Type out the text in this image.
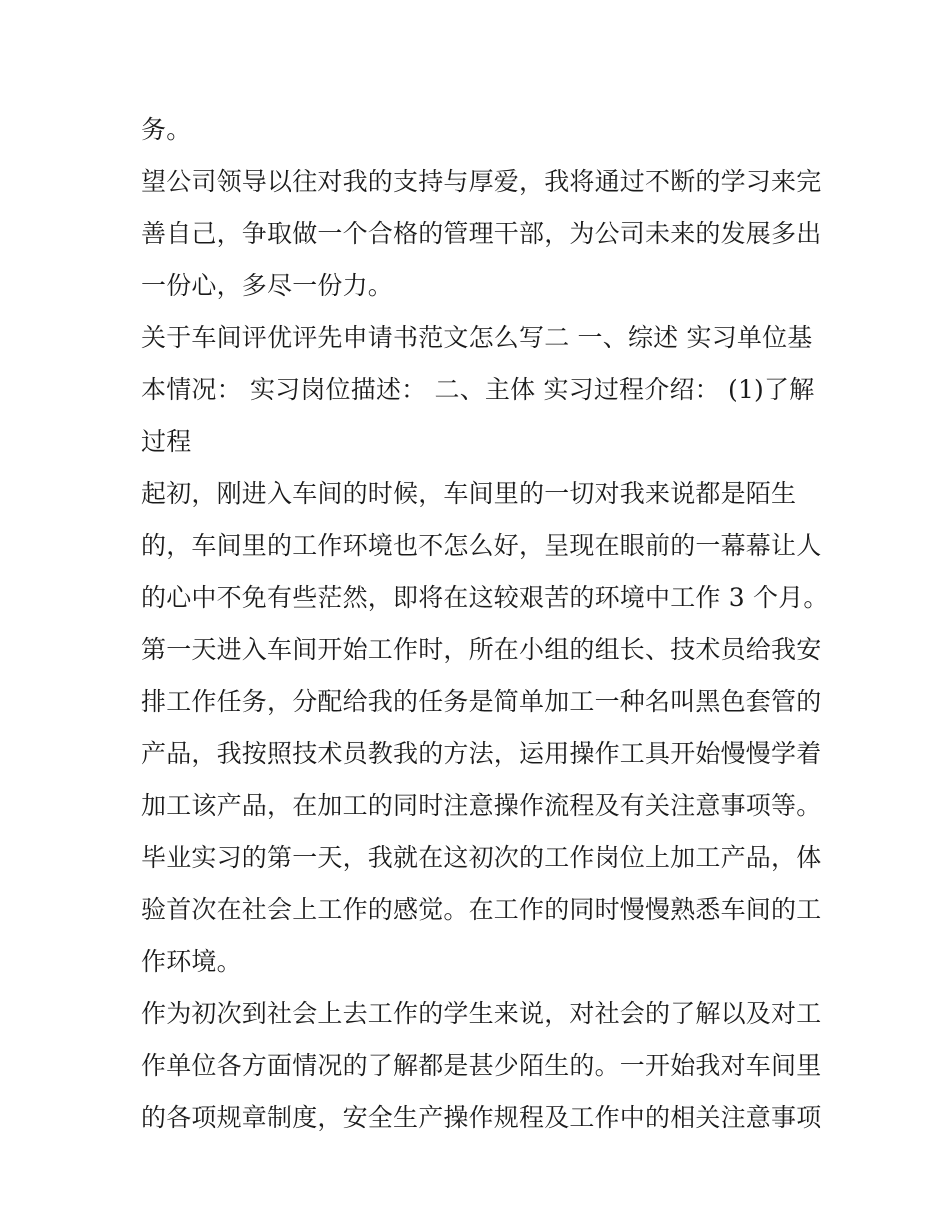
务。
望公司领导以往对我的支持与厚爱，我将通过不断的学习来完
善自己，争取做一个合格的管理干部，为公司未来的发展多出
一份心，多尽一份力。
关于车间评优评先申请书范文怎么写二 一、综述 实习单位基
本情况： 实习岗位描述： 二、主体 实习过程介绍： (1)了解
过程
起初，刚进入车间的时候，车间里的一切对我来说都是陌生
的，车间里的工作环境也不怎么好，呈现在眼前的一幕幕让人
的心中不免有些茫然，即将在这较艰苦的环境中工作 3 个月。
第一天进入车间开始工作时，所在小组的组长、技术员给我安
排工作任务，分配给我的任务是简单加工一种名叫黑色套管的
产品，我按照技术员教我的方法，运用操作工具开始慢慢学着
加工该产品，在加工的同时注意操作流程及有关注意事项等。
毕业实习的第一天，我就在这初次的工作岗位上加工产品，体
验首次在社会上工作的感觉。在工作的同时慢慢熟悉车间的工
作环境。
作为初次到社会上去工作的学生来说，对社会的了解以及对工
作单位各方面情况的了解都是甚少陌生的。一开始我对车间里
的各项规章制度，安全生产操作规程及工作中的相关注意事项
